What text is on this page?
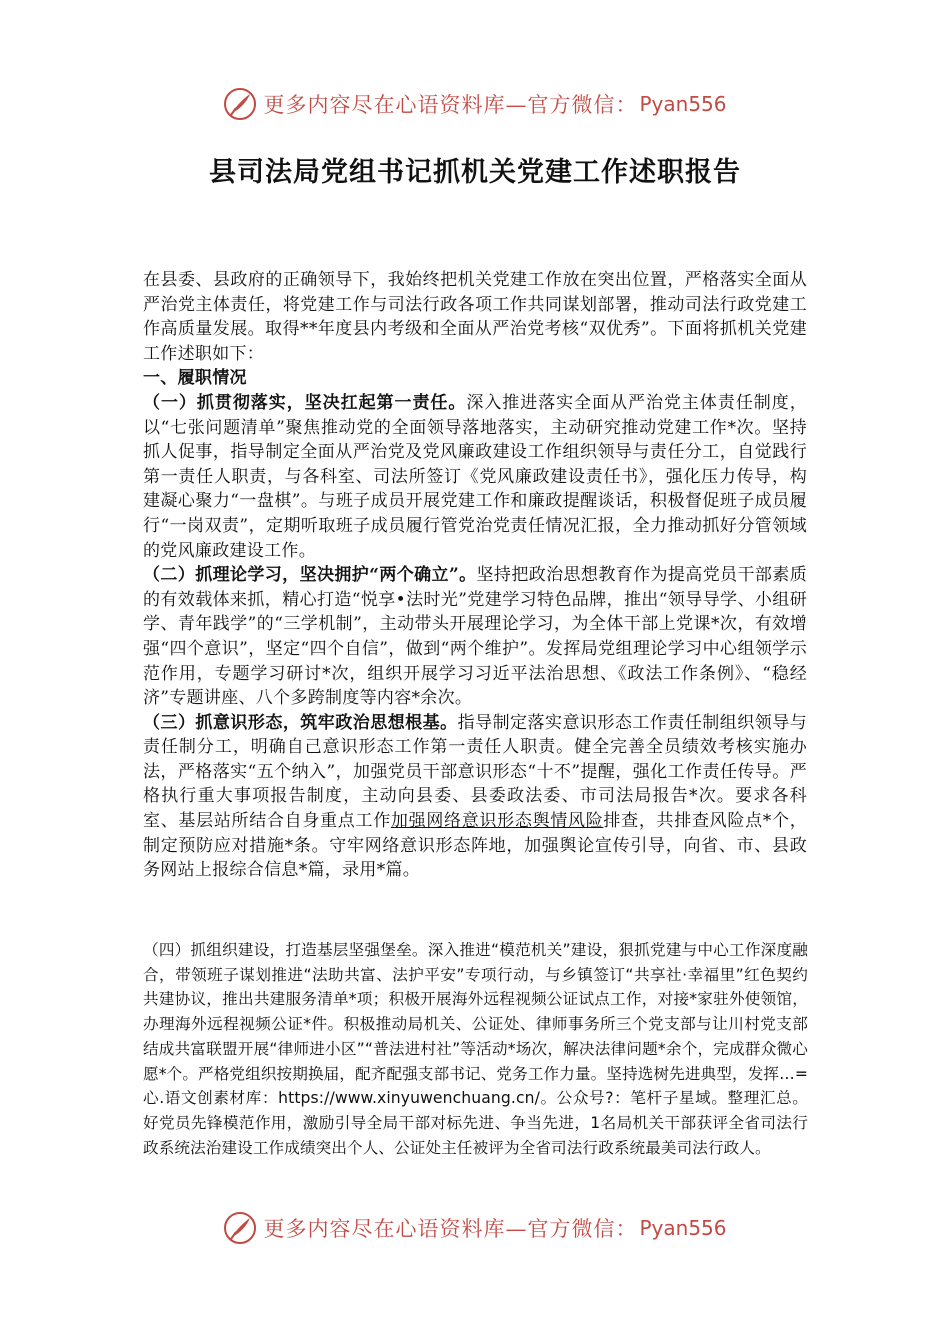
更多内容尽在心语资料库—官方微信： Pyan556
县司法局党组书记抓机关党建工作述职报告

在县委、县政府的正确领导下，我始终把机关党建工作放在突出位置，严格落实全面从严治党主体责任，将党建工作与司法行政各项工作共同谋划部署，推动司法行政党建工作高质量发展。取得**年度县内考级和全面从严治党考核“双优秀”。下面将抓机关党建工作述职如下：

一、履职情况

（一）抓贯彻落实，坚决扛起第一责任。深入推进落实全面从严治党主体责任制度，以“七张问题清单”聚焦推动党的全面领导落地落实，主动研究推动党建工作*次。坚持抓人促事，指导制定全面从严治党及党风廉政建设工作组织领导与责任分工，自觉践行第一责任人职责，与各科室、司法所签订《党风廉政建设责任书》，强化压力传导，构建凝心聚力“一盘棋”。与班子成员开展党建工作和廉政提醒谈话，积极督促班子成员履行“一岗双责”，定期听取班子成员履行管党治党责任情况汇报，全力推动抓好分管领域的党风廉政建设工作。

（二）抓理论学习，坚决拥护“两个确立”。坚持把政治思想教育作为提高党员干部素质的有效载体来抓，精心打造“悦享•法时光”党建学习特色品牌，推出“领导导学、小组研学、青年践学”的“三学机制”，主动带头开展理论学习，为全体干部上党课*次，有效增强“四个意识”，坚定“四个自信”，做到“两个维护”。发挥局党组理论学习中心组领学示范作用，专题学习研讨*次，组织开展学习习近平法治思想、《政法工作条例》、“稳经济”专题讲座、八个多跨制度等内容*余次。

（三）抓意识形态，筑牢政治思想根基。指导制定落实意识形态工作责任制组织领导与责任制分工，明确自己意识形态工作第一责任人职责。健全完善全员绩效考核实施办法，严格落实“五个纳入”，加强党员干部意识形态“十不”提醒，强化工作责任传导。严格执行重大事项报告制度，主动向县委、县委政法委、市司法局报告*次。要求各科室、基层站所结合自身重点工作加强网络意识形态舆情风险排查，共排查风险点*个，制定预防应对措施*条。守牢网络意识形态阵地，加强舆论宣传引导，向省、市、县政务网站上报综合信息*篇，录用*篇。

（四）抓组织建设，打造基层坚强堡垒。深入推进“模范机关”建设，狠抓党建与中心工作深度融合，带领班子谋划推进“法助共富、法护平安”专项行动，与乡镇签订“共享社·幸福里”红色契约共建协议，推出共建服务清单*项；积极开展海外远程视频公证试点工作，对接*家驻外使领馆，办理海外远程视频公证*件。积极推动局机关、公证处、律师事务所三个党支部与让川村党支部结成共富联盟开展“律师进小区”“普法进村社”等活动*场次，解决法律问题*余个，完成群众微心愿*个。严格党组织按期换届，配齐配强支部书记、党务工作力量。坚持选树先进典型，发挥…=心.语文创素材库：https://www.xinyuwenchuang.cn/。公众号?：笔杆子星域。整理汇总。好党员先锋模范作用，激励引导全局干部对标先进、争当先进，1名局机关干部获评全省司法行政系统法治建设工作成绩突出个人、公证处主任被评为全省司法行政系统最美司法行政人。

更多内容尽在心语资料库—官方微信： Pyan556
